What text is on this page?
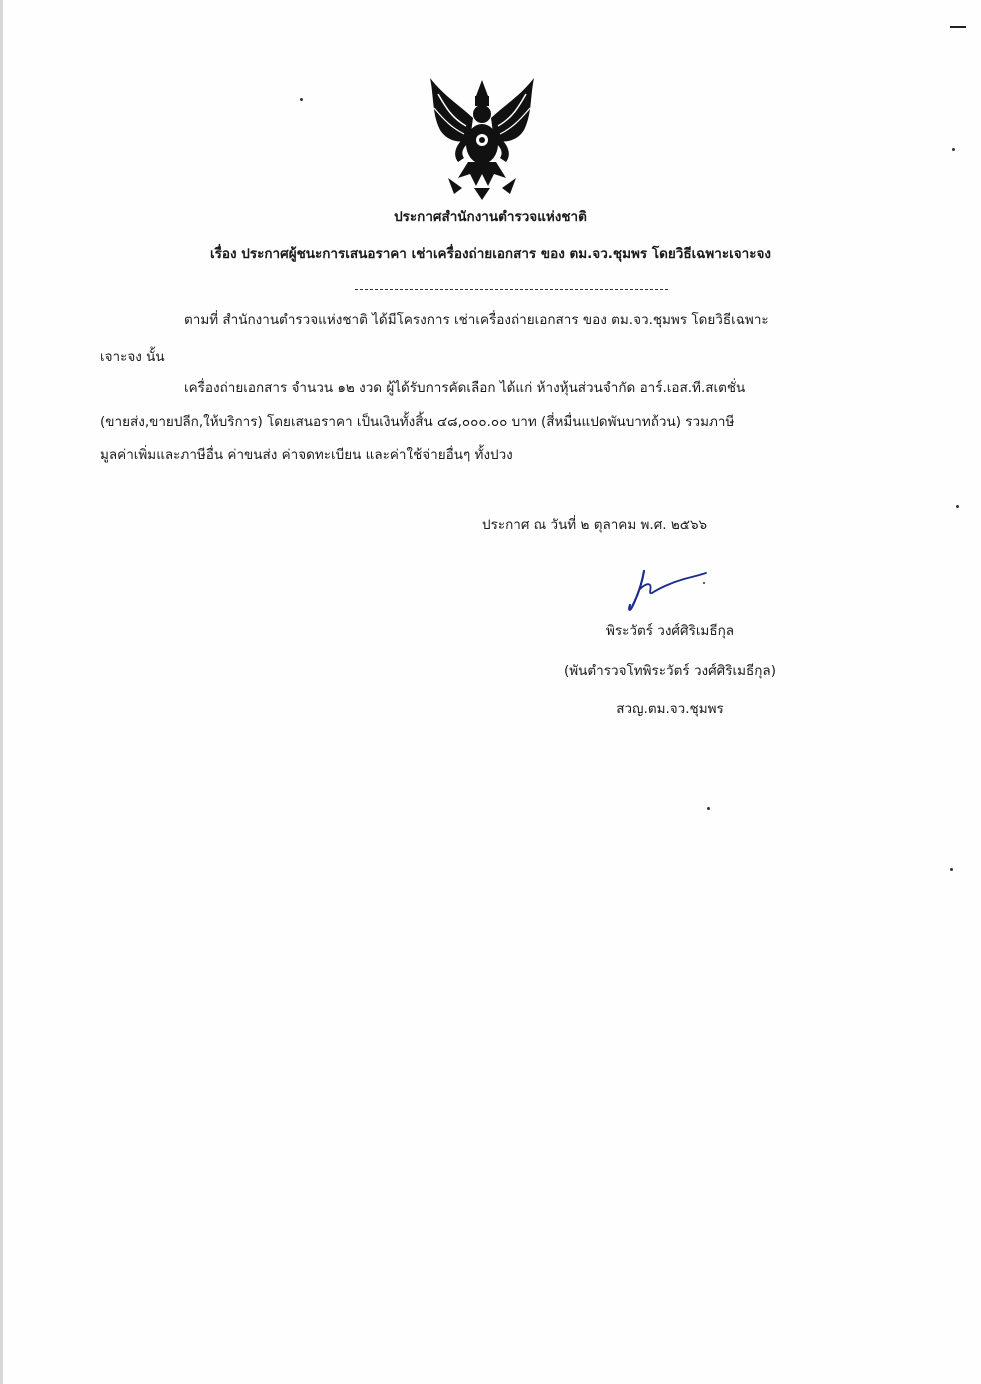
ประกาศสำนักงานตำรวจแห่งชาติ
เรื่อง ประกาศผู้ชนะการเสนอราคา เช่าเครื่องถ่ายเอกสาร ของ ตม.จว.ชุมพร โดยวิธีเฉพาะเจาะจง
ตามที่ สำนักงานตำรวจแห่งชาติ ได้มีโครงการ เช่าเครื่องถ่ายเอกสาร ของ ตม.จว.ชุมพร โดยวิธีเฉพาะ
เจาะจง นั้น
เครื่องถ่ายเอกสาร จำนวน ๑๒ งวด ผู้ได้รับการคัดเลือก ได้แก่ ห้างหุ้นส่วนจำกัด อาร์.เอส.ที.สเตชั่น
(ขายส่ง,ขายปลีก,ให้บริการ) โดยเสนอราคา เป็นเงินทั้งสิ้น ๔๘,๐๐๐.๐๐ บาท (สี่หมื่นแปดพันบาทถ้วน) รวมภาษี
มูลค่าเพิ่มและภาษีอื่น ค่าขนส่ง ค่าจดทะเบียน และค่าใช้จ่ายอื่นๆ ทั้งปวง
ประกาศ ณ วันที่ ๒ ตุลาคม พ.ศ. ๒๕๖๖
พิระวัตร์ วงศ์ศิริเมธีกุล
(พันตำรวจโทพิระวัตร์ วงศ์ศิริเมธีกุล)
สวญ.ตม.จว.ชุมพร
